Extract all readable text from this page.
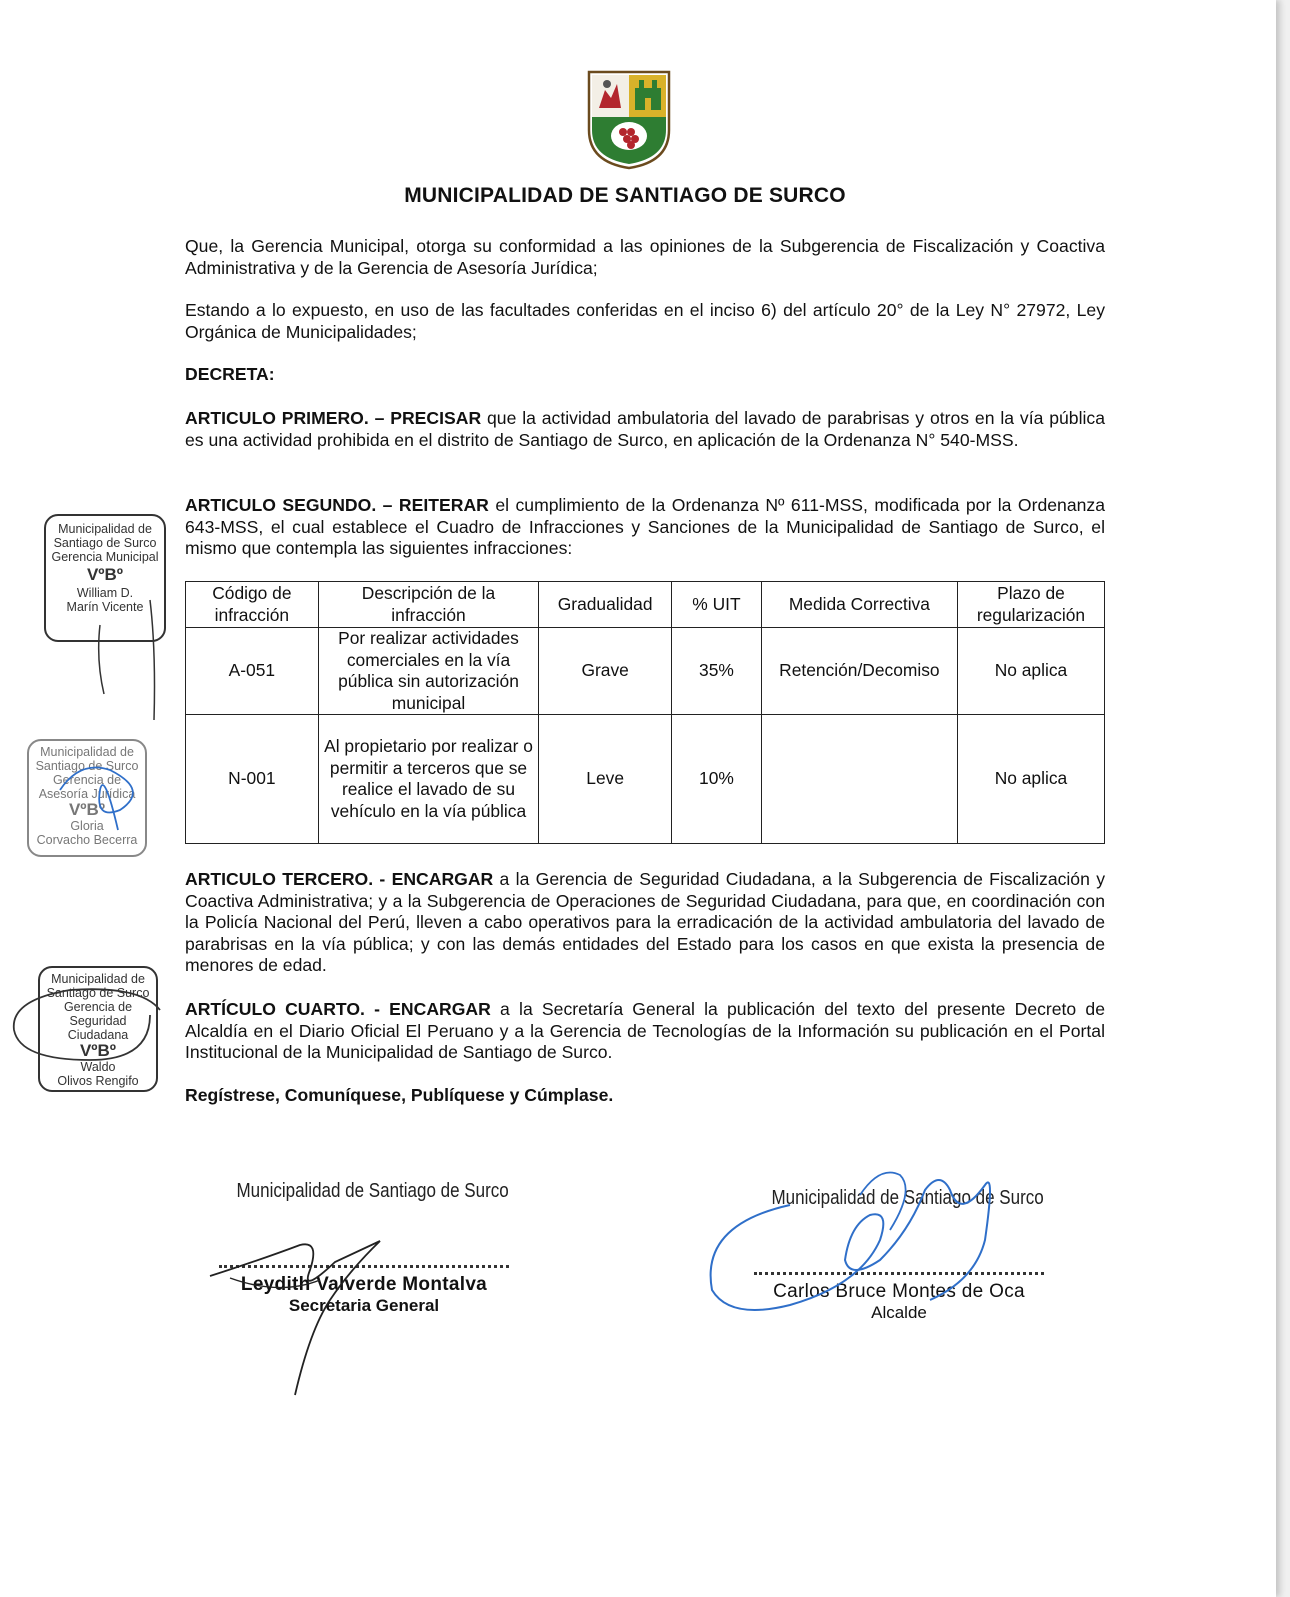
MUNICIPALIDAD DE SANTIAGO DE SURCO

Que, la Gerencia Municipal, otorga su conformidad a las opiniones de la Subgerencia de Fiscalización y Coactiva Administrativa y de la Gerencia de Asesoría Jurídica;

Estando a lo expuesto, en uso de las facultades conferidas en el inciso 6) del artículo 20° de la Ley N° 27972, Ley Orgánica de Municipalidades;

DECRETA:

ARTICULO PRIMERO. – PRECISAR que la actividad ambulatoria del lavado de parabrisas y otros en la vía pública es una actividad prohibida en el distrito de Santiago de Surco, en aplicación de la Ordenanza N° 540-MSS.

ARTICULO SEGUNDO. – REITERAR el cumplimiento de la Ordenanza Nº 611-MSS, modificada por la Ordenanza 643-MSS, el cual establece el Cuadro de Infracciones y Sanciones de la Municipalidad de Santiago de Surco, el mismo que contempla las siguientes infracciones:

Código de infracción	Descripción de la infracción	Gradualidad	% UIT	Medida Correctiva	Plazo de regularización
A-051	Por realizar actividades comerciales en la vía pública sin autorización municipal	Grave	35%	Retención/Decomiso	No aplica
N-001	Al propietario por realizar o permitir a terceros que se realice el lavado de su vehículo en la vía pública	Leve	10%		No aplica

ARTICULO TERCERO. - ENCARGAR a la Gerencia de Seguridad Ciudadana, a la Subgerencia de Fiscalización y Coactiva Administrativa; y a la Subgerencia de Operaciones de Seguridad Ciudadana, para que, en coordinación con la Policía Nacional del Perú, lleven a cabo operativos para la erradicación de la actividad ambulatoria del lavado de parabrisas en la vía pública; y con las demás entidades del Estado para los casos en que exista la presencia de menores de edad.

ARTÍCULO CUARTO. - ENCARGAR a la Secretaría General la publicación del texto del presente Decreto de Alcaldía en el Diario Oficial El Peruano y a la Gerencia de Tecnologías de la Información su publicación en el Portal Institucional de la Municipalidad de Santiago de Surco.

Regístrese, Comuníquese, Publíquese y Cúmplase.

Municipalidad de
Santiago de Surco
Gerencia Municipal
VºBº
William D.
Marín Vicente
Municipalidad de
Santiago de Surco
Gerencia de
Asesoría Jurídica
VºBº
Gloria
Corvacho Becerra
Municipalidad de
Santiago de Surco
Gerencia de
Seguridad Ciudadana
VºBº
Waldo
Olivos Rengifo
Municipalidad de Santiago de Surco
Leydith Valverde Montalva
Secretaria General
Municipalidad de Santiago de Surco
Carlos Bruce Montes de Oca
Alcalde
